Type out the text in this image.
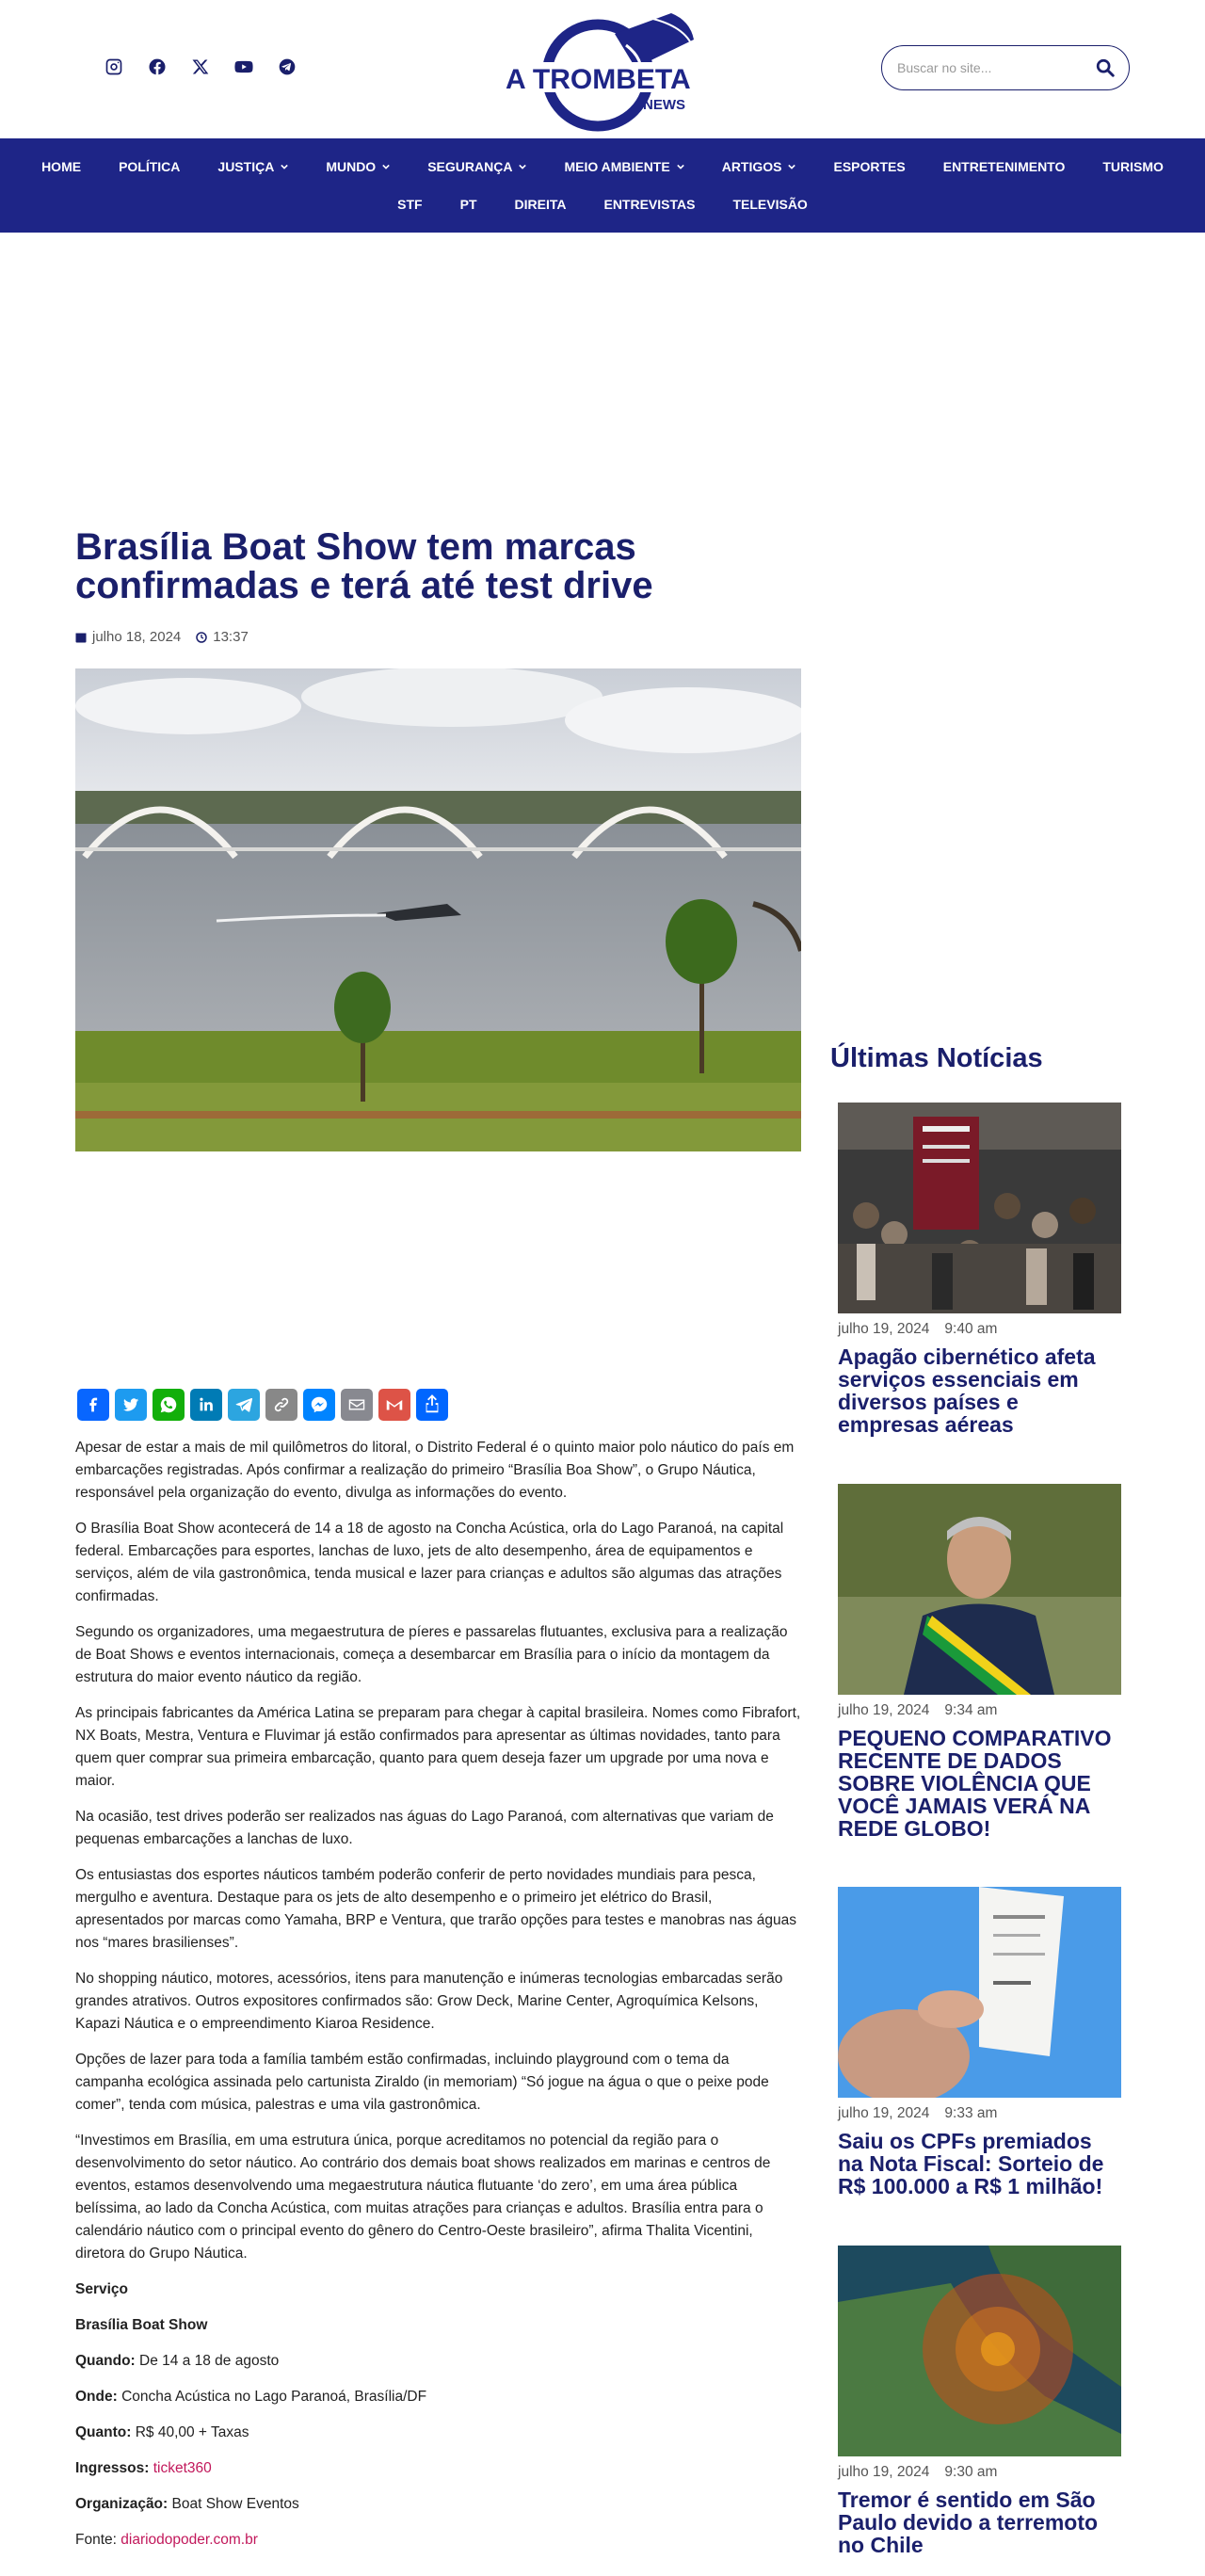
A TROMBETA
NEWS
Buscar no site...
HOME	POLÍTICA	JUSTIÇA	MUNDO	SEGURANÇA	MEIO AMBIENTE	ARTIGOS	ESPORTES	ENTRETENIMENTO	TURISMO
STF	PT	DIREITA	ENTREVISTAS	TELEVISÃO
Brasília Boat Show tem marcas confirmadas e terá até test drive
julho 18, 2024 13:37

Apesar de estar a mais de mil quilômetros do litoral, o Distrito Federal é o quinto maior polo náutico do país em embarcações registradas. Após confirmar a realização do primeiro “Brasília Boa Show”, o Grupo Náutica, responsável pela organização do evento, divulga as informações do evento.

O Brasília Boat Show acontecerá de 14 a 18 de agosto na Concha Acústica, orla do Lago Paranoá, na capital federal. Embarcações para esportes, lanchas de luxo, jets de alto desempenho, área de equipamentos e serviços, além de vila gastronômica, tenda musical e lazer para crianças e adultos são algumas das atrações confirmadas.

Segundo os organizadores, uma megaestrutura de píeres e passarelas flutuantes, exclusiva para a realização de Boat Shows e eventos internacionais, começa a desembarcar em Brasília para o início da montagem da estrutura do maior evento náutico da região.

As principais fabricantes da América Latina se preparam para chegar à capital brasileira. Nomes como Fibrafort, NX Boats, Mestra, Ventura e Fluvimar já estão confirmados para apresentar as últimas novidades, tanto para quem quer comprar sua primeira embarcação, quanto para quem deseja fazer um upgrade por uma nova e maior.

Na ocasião, test drives poderão ser realizados nas águas do Lago Paranoá, com alternativas que variam de pequenas embarcações a lanchas de luxo.

Os entusiastas dos esportes náuticos também poderão conferir de perto novidades mundiais para pesca, mergulho e aventura. Destaque para os jets de alto desempenho e o primeiro jet elétrico do Brasil, apresentados por marcas como Yamaha, BRP e Ventura, que trarão opções para testes e manobras nas águas nos “mares brasilienses”.

No shopping náutico, motores, acessórios, itens para manutenção e inúmeras tecnologias embarcadas serão grandes atrativos. Outros expositores confirmados são: Grow Deck, Marine Center, Agroquímica Kelsons, Kapazi Náutica e o empreendimento Kiaroa Residence.

Opções de lazer para toda a família também estão confirmadas, incluindo playground com o tema da campanha ecológica assinada pelo cartunista Ziraldo (in memoriam) “Só jogue na água o que o peixe pode comer”, tenda com música, palestras e uma vila gastronômica.

“Investimos em Brasília, em uma estrutura única, porque acreditamos no potencial da região para o desenvolvimento do setor náutico. Ao contrário dos demais boat shows realizados em marinas e centros de eventos, estamos desenvolvendo uma megaestrutura náutica flutuante ‘do zero’, em uma área pública belíssima, ao lado da Concha Acústica, com muitas atrações para crianças e adultos. Brasília entra para o calendário náutico com o principal evento do gênero do Centro-Oeste brasileiro”, afirma Thalita Vicentini, diretora do Grupo Náutica.

Serviço

Brasília Boat Show

Quando: De 14 a 18 de agosto

Onde: Concha Acústica no Lago Paranoá, Brasília/DF

Quanto: R$ 40,00 + Taxas

Ingressos: ticket360

Organização: Boat Show Eventos

Fonte: diariodopoder.com.br

Últimas Notícias
julho 19, 2024 9:40 am
Apagão cibernético afeta serviços essenciais em diversos países e empresas aéreas
julho 19, 2024 9:34 am
PEQUENO COMPARATIVO RECENTE DE DADOS SOBRE VIOLÊNCIA QUE VOCÊ JAMAIS VERÁ NA REDE GLOBO!
julho 19, 2024 9:33 am
Saiu os CPFs premiados na Nota Fiscal: Sorteio de R$ 100.000 a R$ 1 milhão!
julho 19, 2024 9:30 am
Tremor é sentido em São Paulo devido a terremoto no Chile
